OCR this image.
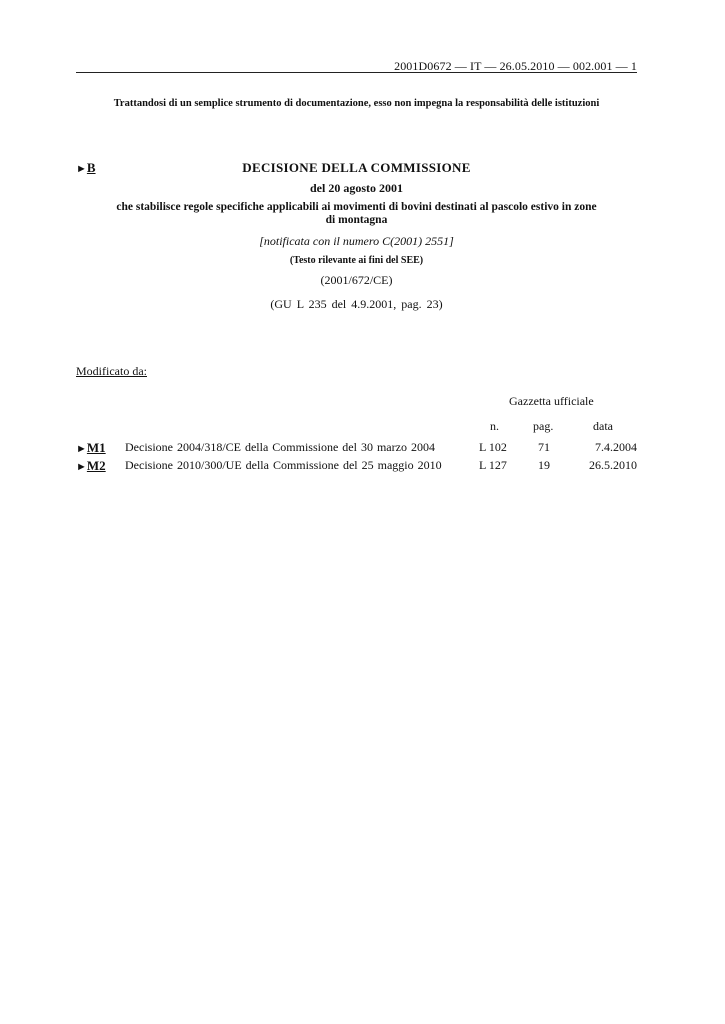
2001D0672 — IT — 26.05.2010 — 002.001 — 1
Trattandosi di un semplice strumento di documentazione, esso non impegna la responsabilità delle istituzioni
►B	DECISIONE DELLA COMMISSIONE
del 20 agosto 2001
che stabilisce regole specifiche applicabili ai movimenti di bovini destinati al pascolo estivo in zone
di montagna
[notificata con il numero C(2001) 2551]
(Testo rilevante ai fini del SEE)
(2001/672/CE)
(GU L 235 del 4.9.2001, pag. 23)
Modificato da:
Gazzetta ufficiale
n.	pag.	data
►M1 Decisione 2004/318/CE della Commissione del 30 marzo 2004	L 102	71	7.4.2004
►M2 Decisione 2010/300/UE della Commissione del 25 maggio 2010	L 127	19	26.5.2010
